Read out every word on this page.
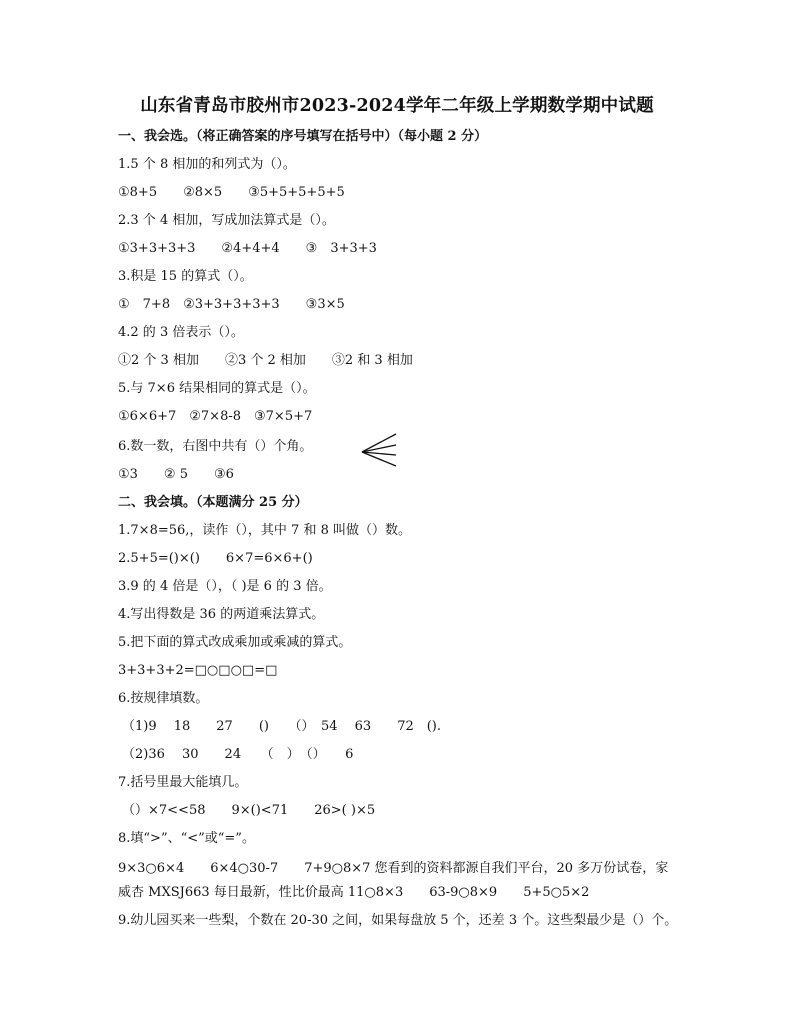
山东省青岛市胶州市2023-2024学年二年级上学期数学期中试题
一、我会选。（将正确答案的序号填写在括号中）（每小题 2 分）
1.5 个 8 相加的和列式为（）。
①8+5　　②8×5　　③5+5+5+5+5
2.3 个 4 相加，写成加法算式是（）。
①3+3+3+3　　②4+4+4　　③　3+3+3
3.积是 15 的算式（）。
①　7+8　②3+3+3+3+3　　③3×5
4.2 的 3 倍表示（）。
①2 个 3 相加　　②3 个 2 相加　　③2 和 3 相加
5.与 7×6 结果相同的算式是（）。
①6×6+7　②7×8-8　③7×5+7
6.数一数，右图中共有（）个角。
①3　　② 5　　③6
二、我会填。（本题满分 25 分）
1.7×8=56,，读作（），其中 7 和 8 叫做（）数。
2.5+5=()×()　　6×7=6×6+()
3.9 的 4 倍是（），（ )是 6 的 3 倍。
4.写出得数是 36 的两道乘法算式。
5.把下面的算式改成乘加或乘减的算式。
3+3+3+2=□○□○□=□
6.按规律填数。
（1)9　 18　　27　　()　　（）　54　 63　　72　().
（2)36　 30　　24　　（　）　（）　　6
7.括号里最大能填几。
（）×7<<58　　9×()<71　　26>( )×5
8.填“>”、“<”或“=”。
9×3○6×4　　6×4○30-7　　7+9○8×7 您看到的资料都源自我们平台，20 多万份试卷，家
威杏 MXSJ663 每日最新，性比价最高 11○8×3　　63-9○8×9　　5+5○5×2
9.幼儿园买来一些梨，个数在 20-30 之间，如果每盘放 5 个，还差 3 个。这些梨最少是（）个。
